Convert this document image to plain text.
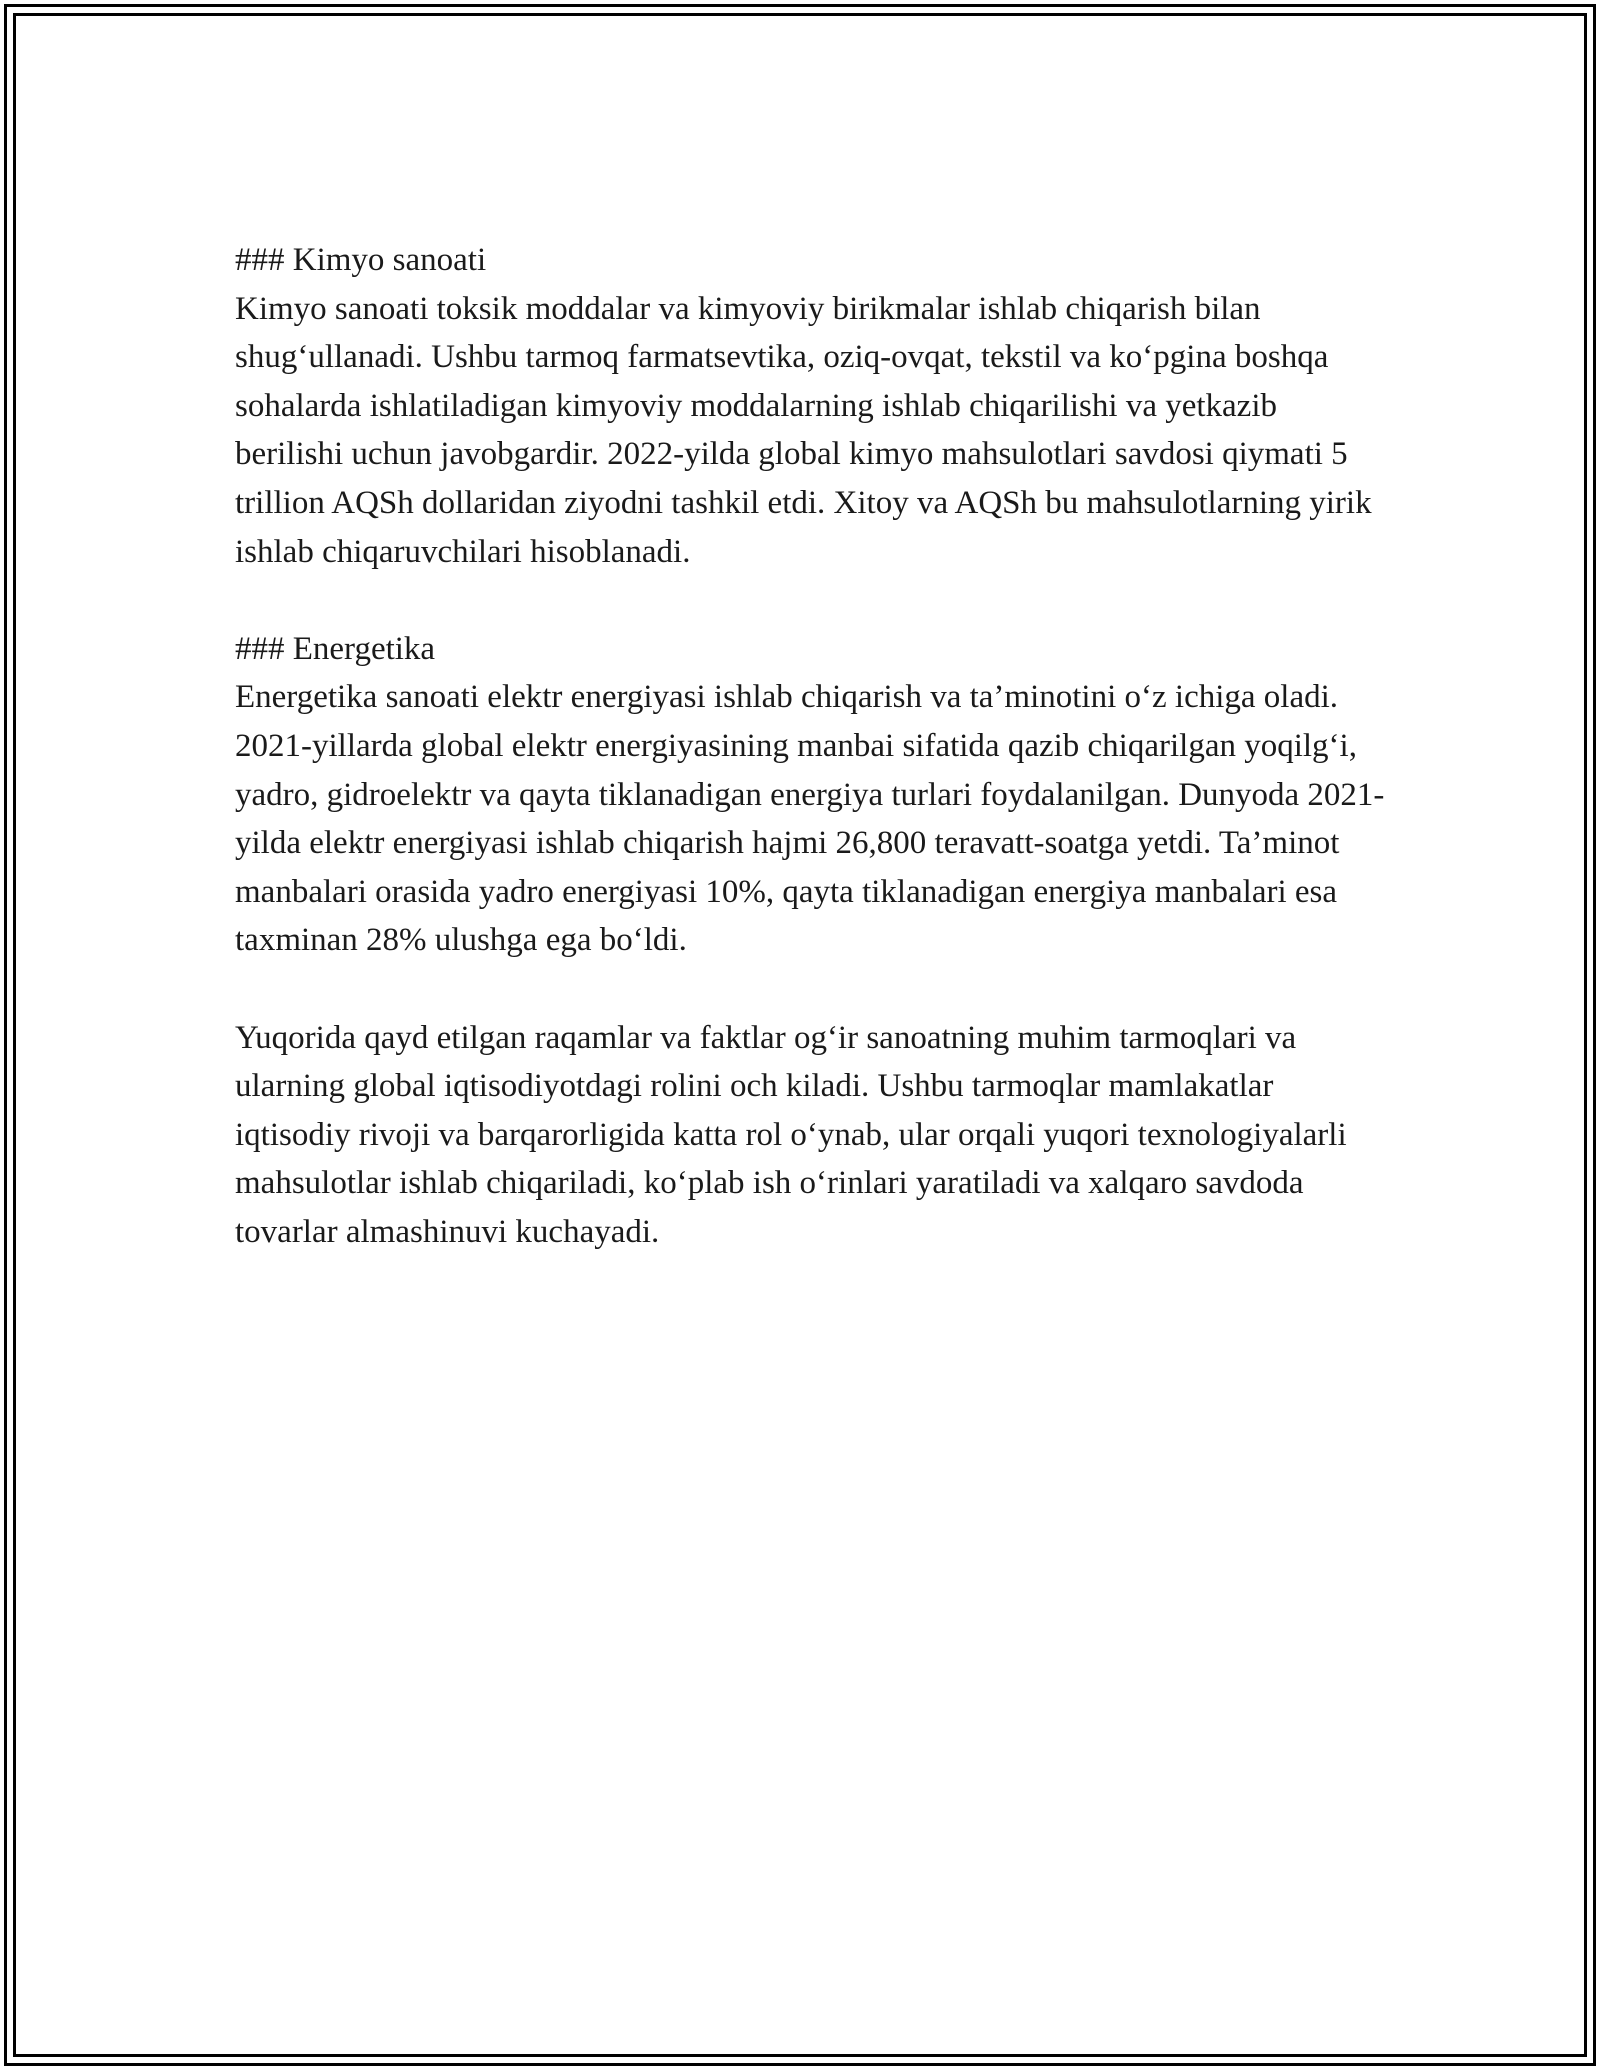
### Kimyo sanoati

Kimyo sanoati toksik moddalar va kimyoviy birikmalar ishlab chiqarish bilan shug‘ullanadi. Ushbu tarmoq farmatsevtika, oziq-ovqat, tekstil va ko‘pgina boshqa sohalarda ishlatiladigan kimyoviy moddalarning ishlab chiqarilishi va yetkazib berilishi uchun javobgardir. 2022-yilda global kimyo mahsulotlari savdosi qiymati 5 trillion AQSh dollaridan ziyodni tashkil etdi. Xitoy va AQSh bu mahsulotlarning yirik ishlab chiqaruvchilari hisoblanadi.

### Energetika

Energetika sanoati elektr energiyasi ishlab chiqarish va ta’minotini o‘z ichiga oladi. 2021-yillarda global elektr energiyasining manbai sifatida qazib chiqarilgan yoqilg‘i, yadro, gidroelektr va qayta tiklanadigan energiya turlari foydalanilgan. Dunyoda 2021-yilda elektr energiyasi ishlab chiqarish hajmi 26,800 teravatt-soatga yetdi. Ta’minot manbalari orasida yadro energiyasi 10%, qayta tiklanadigan energiya manbalari esa taxminan 28% ulushga ega bo‘ldi.

Yuqorida qayd etilgan raqamlar va faktlar og‘ir sanoatning muhim tarmoqlari va ularning global iqtisodiyotdagi rolini och kiladi. Ushbu tarmoqlar mamlakatlar iqtisodiy rivoji va barqarorligida katta rol o‘ynab, ular orqali yuqori texnologiyalarli mahsulotlar ishlab chiqariladi, ko‘plab ish o‘rinlari yaratiladi va xalqaro savdoda tovarlar almashinuvi kuchayadi.
